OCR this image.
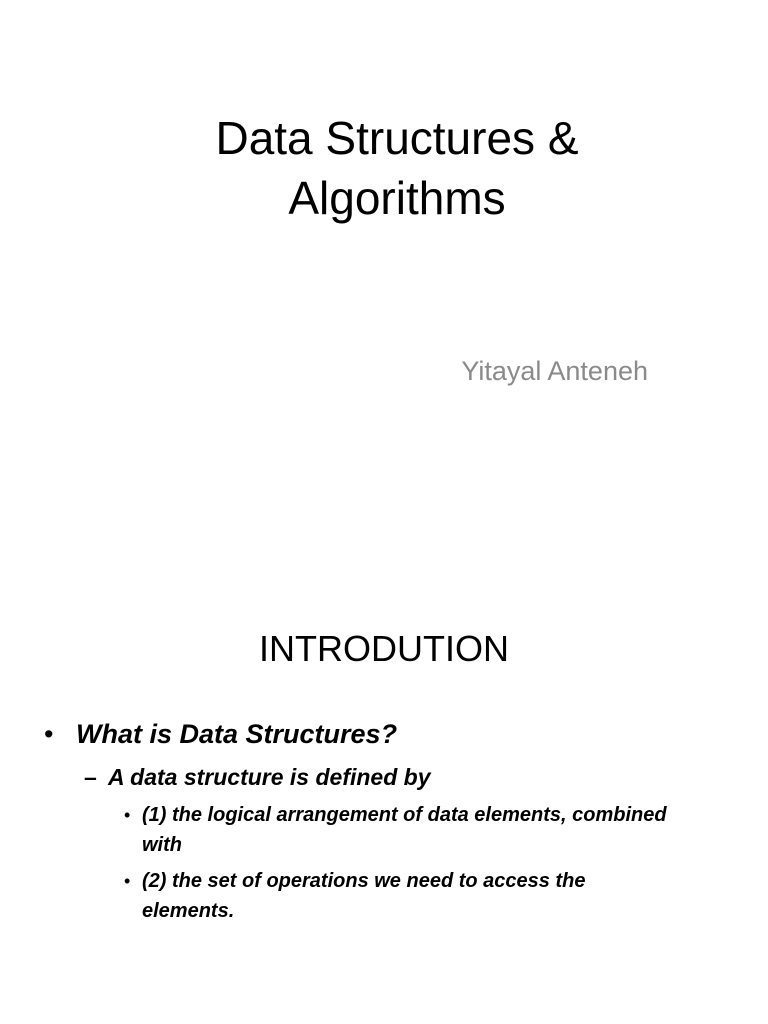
Data Structures &
Algorithms
Yitayal Anteneh
INTRODUTION
• What is Data Structures?
– A data structure is defined by
• (1) the logical arrangement of data elements, combined with
• (2) the set of operations we need to access the elements.
